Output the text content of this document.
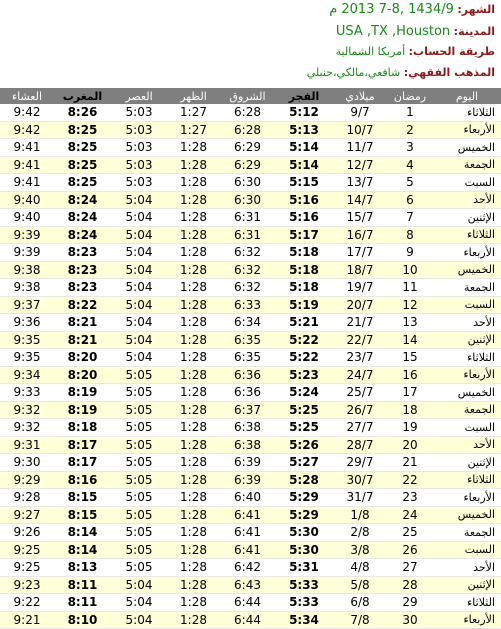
الشهر: 1434/9 ,8-7 2013 م
المدينة: USA ,TX ,Houston
طريقة الحساب: أمريكا الشمالية
المذهب الفقهي: شافعي،مالكي،حنبلي
اليوم	رمضان	ميلادي	الفجر	الشروق	الظهر	العصر	المغرب	العشاء
الثلاثاء	1	9/7	5:12	6:28	1:27	5:03	8:26	9:42
الأربعاء	2	10/7	5:13	6:28	1:27	5:03	8:25	9:42
الخميس	3	11/7	5:14	6:29	1:28	5:03	8:25	9:41
الجمعة	4	12/7	5:14	6:29	1:28	5:03	8:25	9:41
السبت	5	13/7	5:15	6:30	1:28	5:03	8:25	9:41
الأحد	6	14/7	5:16	6:30	1:28	5:04	8:24	9:40
الإثنين	7	15/7	5:16	6:31	1:28	5:04	8:24	9:40
الثلاثاء	8	16/7	5:17	6:31	1:28	5:04	8:24	9:39
الأربعاء	9	17/7	5:18	6:32	1:28	5:04	8:23	9:39
الخميس	10	18/7	5:18	6:32	1:28	5:04	8:23	9:38
الجمعة	11	19/7	5:18	6:32	1:28	5:04	8:23	9:38
السبت	12	20/7	5:19	6:33	1:28	5:04	8:22	9:37
الأحد	13	21/7	5:21	6:34	1:28	5:04	8:21	9:36
الإثنين	14	22/7	5:22	6:35	1:28	5:04	8:21	9:35
الثلاثاء	15	23/7	5:22	6:35	1:28	5:04	8:20	9:35
الأربعاء	16	24/7	5:23	6:36	1:28	5:05	8:20	9:34
الخميس	17	25/7	5:24	6:36	1:28	5:05	8:19	9:33
الجمعة	18	26/7	5:25	6:37	1:28	5:05	8:19	9:32
السبت	19	27/7	5:25	6:38	1:28	5:05	8:18	9:32
الأحد	20	28/7	5:26	6:38	1:28	5:05	8:17	9:31
الإثنين	21	29/7	5:27	6:39	1:28	5:05	8:17	9:30
الثلاثاء	22	30/7	5:28	6:39	1:28	5:05	8:16	9:29
الأربعاء	23	31/7	5:29	6:40	1:28	5:05	8:15	9:28
الخميس	24	1/8	5:29	6:41	1:28	5:05	8:15	9:27
الجمعة	25	2/8	5:30	6:41	1:28	5:05	8:14	9:26
السبت	26	3/8	5:30	6:41	1:28	5:05	8:14	9:25
الأحد	27	4/8	5:31	6:42	1:28	5:05	8:13	9:25
الإثنين	28	5/8	5:33	6:43	1:28	5:04	8:11	9:23
الثلاثاء	29	6/8	5:33	6:44	1:28	5:04	8:11	9:22
الأربعاء	30	7/8	5:34	6:44	1:28	5:04	8:10	9:21
